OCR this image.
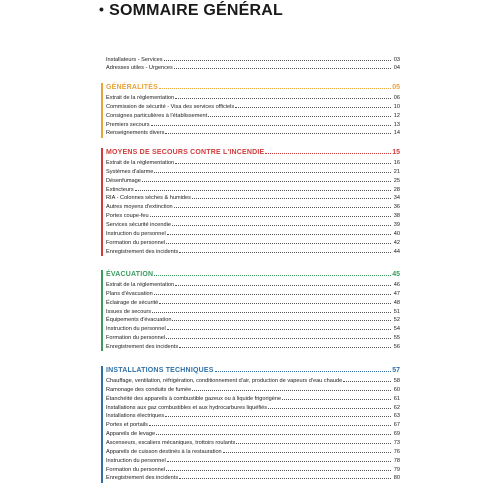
• SOMMAIRE GÉNÉRAL
Installateurs - Services	03
Adresses utiles - Urgences	04
GÉNÉRALITÉS	05
Extrait de la réglementation	06
Commission de sécurité - Visa des services officiels	10
Consignes particulières à l'établissement	12
Premiers secours	13
Renseignements divers	14
MOYENS DE SECOURS CONTRE L'INCENDIE	15
Extrait de la réglementation	16
Systèmes d'alarme	21
Désenfumage	25
Extincteurs	28
RIA - Colonnes sèches & humides	34
Autres moyens d'extinction	36
Portes coupe-feu	38
Services sécurité incendie	39
Instruction du personnel	40
Formation du personnel	42
Enregistrement des incidents	44
ÉVACUATION	45
Extrait de la réglementation	46
Plans d'évacuation	47
Éclairage de sécurité	48
Issues de secours	51
Équipements d'évacuation	52
Instruction du personnel	54
Formation du personnel	55
Enregistrement des incidents	56
INSTALLATIONS TECHNIQUES	57
Chauffage, ventilation, réfrigération, conditionnement d'air, production de vapeurs d'eau chaude	58
Ramonage des conduits de fumée	60
Étanchéité des appareils à combustible gazeux ou à liquide frigorigène	61
Installations aux gaz combustibles et aux hydrocarbures liquéfiés	62
Installations électriques	63
Portes et portails	67
Appareils de levage	69
Ascenseurs, escaliers mécaniques, trottoirs roulants	73
Appareils de cuisson destinés à la restauration	76
Instruction du personnel	78
Formation du personnel	79
Enregistrement des incidents	80
